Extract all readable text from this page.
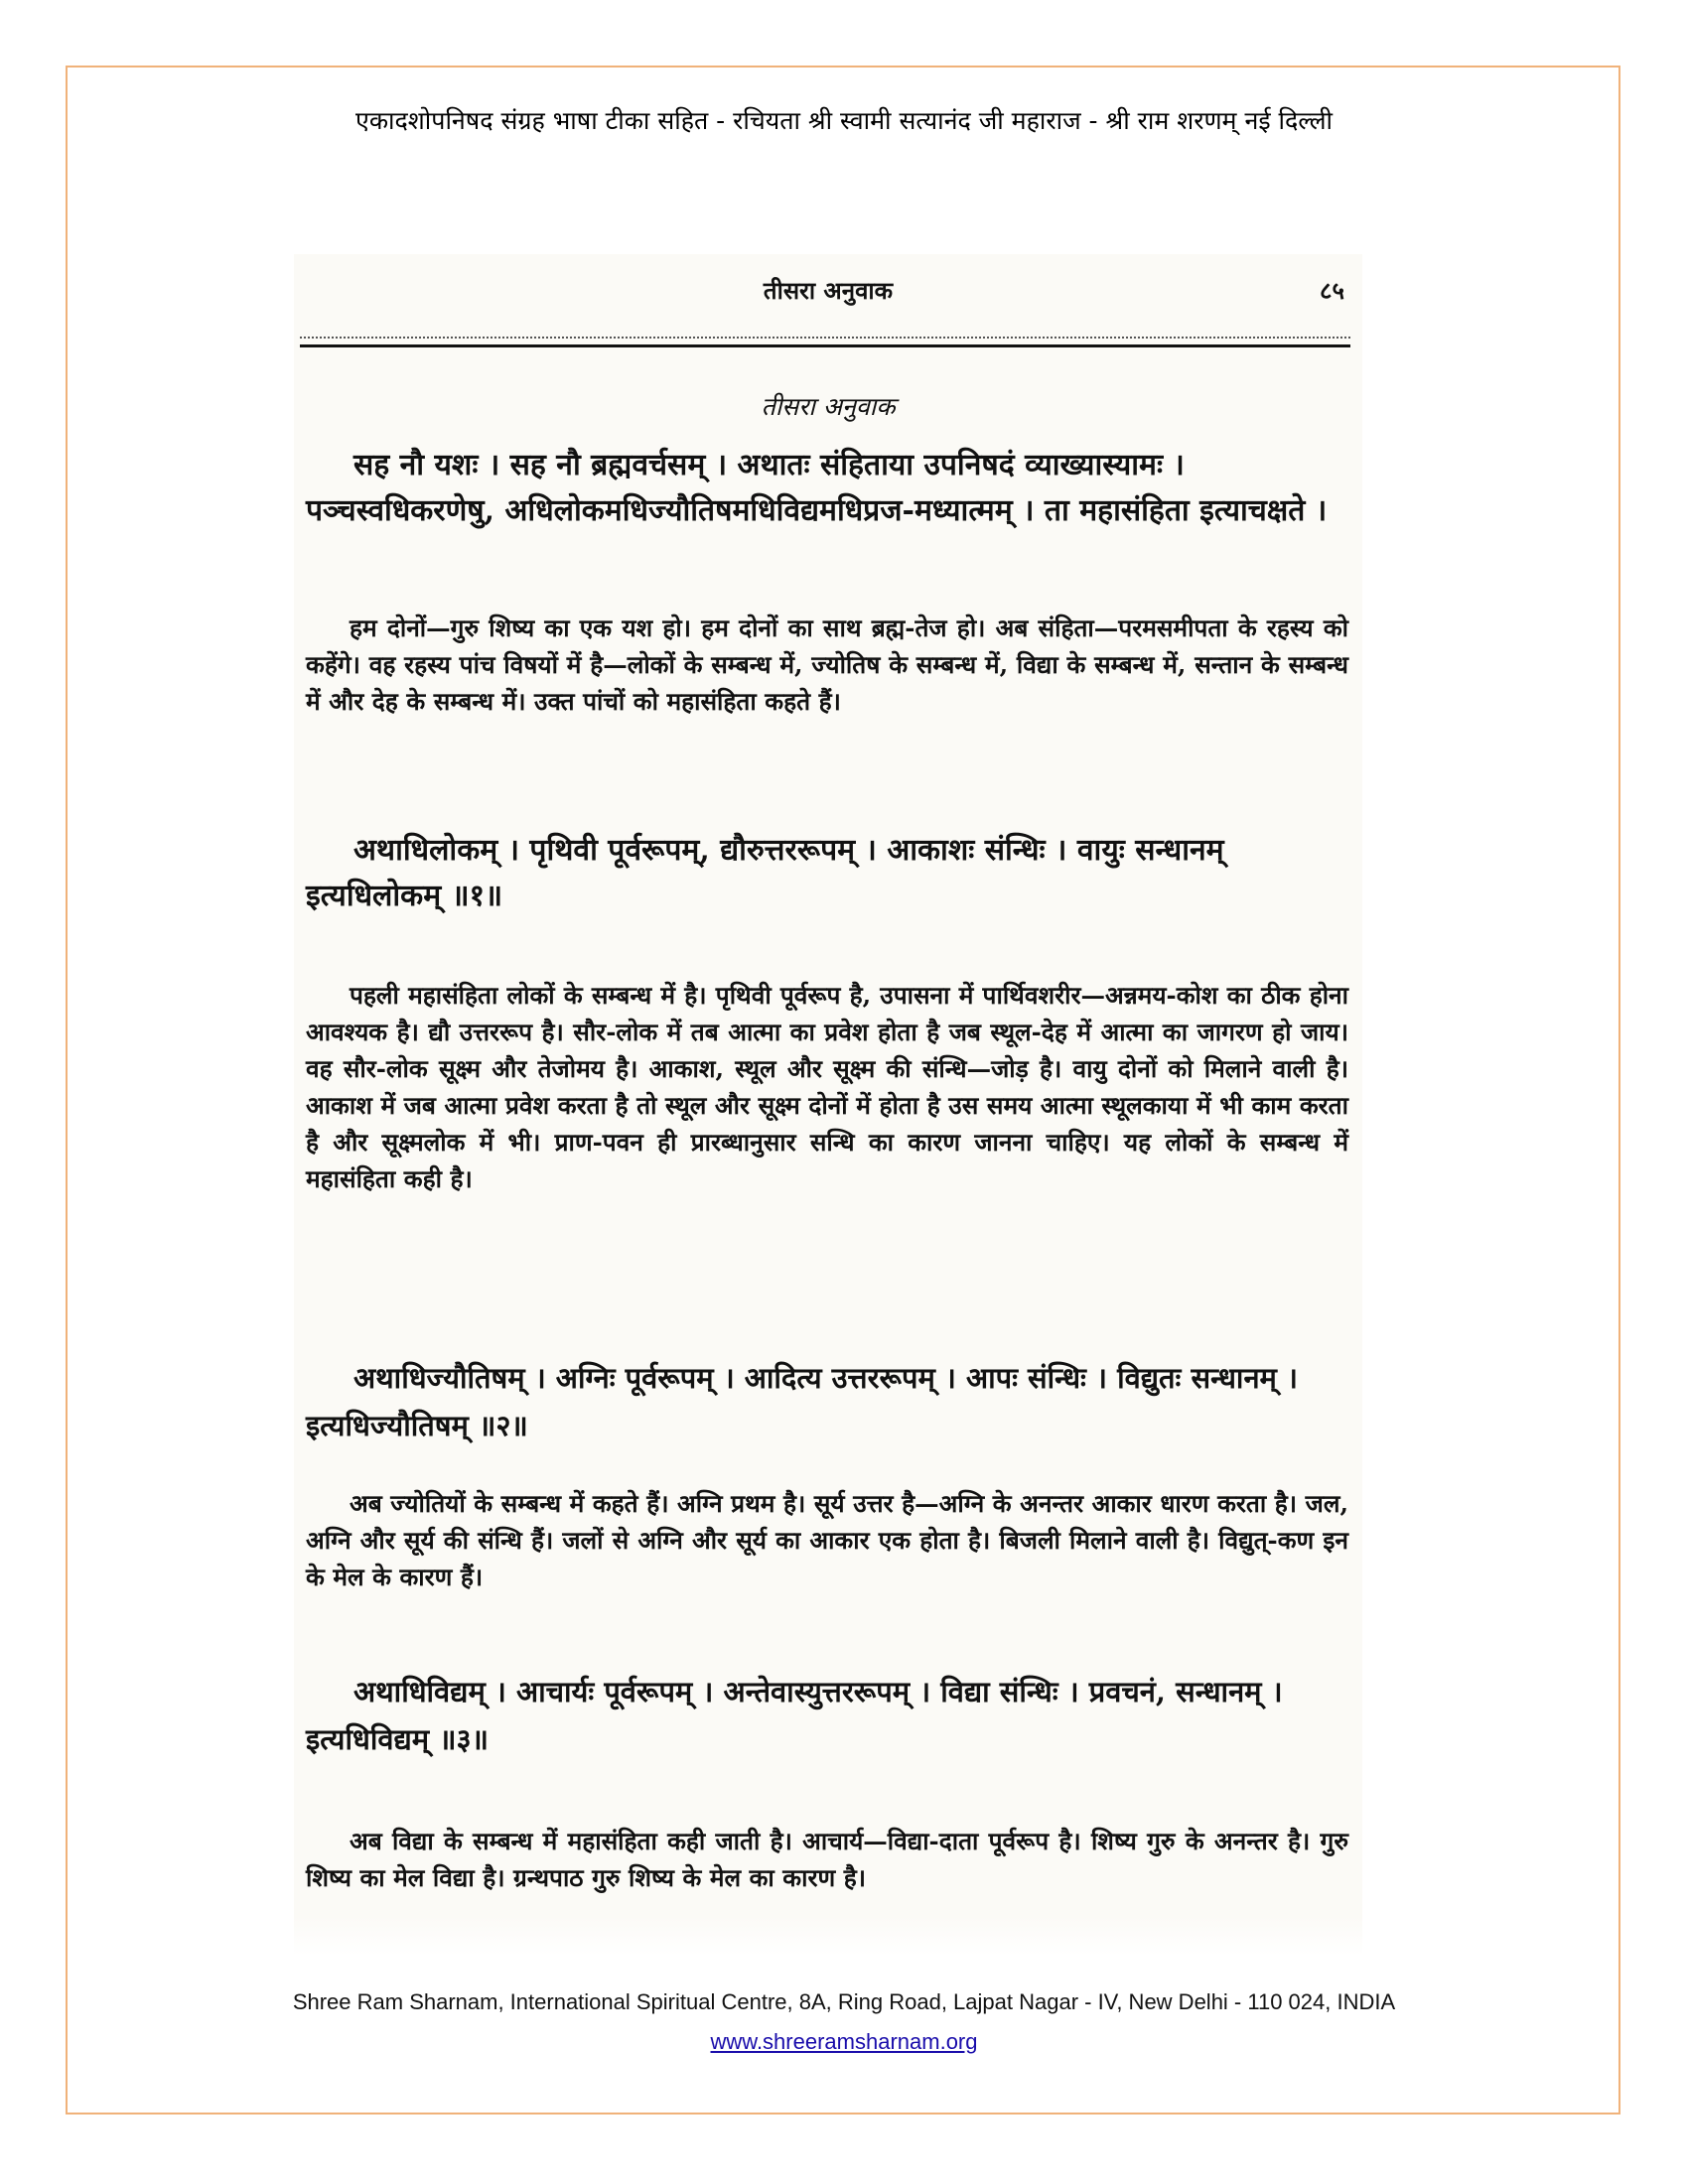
एकादशोपनिषद संग्रह भाषा टीका सहित - रचियता श्री स्वामी सत्यानंद जी महाराज - श्री राम शरणम् नई दिल्ली
तीसरा अनुवाक	८५
तीसरा अनुवाक
सह नौ यशः । सह नौ ब्रह्मवर्चसम् । अथातः संहिताया उपनिषदं व्याख्यास्यामः । पञ्चस्वधिकरणेषु, अधिलोकमधिज्यौतिषमधिविद्यमधिप्रज-मध्यात्मम् । ता महासंहिता इत्याचक्षते ।
हम दोनों—गुरु शिष्य का एक यश हो। हम दोनों का साथ ब्रह्म-तेज हो। अब संहिता—परमसमीपता के रहस्य को कहेंगे। वह रहस्य पांच विषयों में है—लोकों के सम्बन्ध में, ज्योतिष के सम्बन्ध में, विद्या के सम्बन्ध में, सन्तान के सम्बन्ध में और देह के सम्बन्ध में। उक्त पांचों को महासंहिता कहते हैं।
अथाधिलोकम् । पृथिवी पूर्वरूपम्, द्यौरुत्तररूपम् । आकाशः संन्धिः । वायुः सन्धानम् इत्यधिलोकम् ॥१॥
पहली महासंहिता लोकों के सम्बन्ध में है। पृथिवी पूर्वरूप है, उपासना में पार्थिवशरीर—अन्नमय-कोश का ठीक होना आवश्यक है। द्यौ उत्तररूप है। सौर-लोक में तब आत्मा का प्रवेश होता है जब स्थूल-देह में आत्मा का जागरण हो जाय। वह सौर-लोक सूक्ष्म और तेजोमय है। आकाश, स्थूल और सूक्ष्म की संन्धि—जोड़ है। वायु दोनों को मिलाने वाली है। आकाश में जब आत्मा प्रवेश करता है तो स्थूल और सूक्ष्म दोनों में होता है उस समय आत्मा स्थूलकाया में भी काम करता है और सूक्ष्मलोक में भी। प्राण-पवन ही प्रारब्धानुसार सन्धि का कारण जानना चाहिए। यह लोकों के सम्बन्ध में महासंहिता कही है।
अथाधिज्यौतिषम् । अग्निः पूर्वरूपम् । आदित्य उत्तररूपम् । आपः संन्धिः । विद्युतः सन्धानम् । इत्यधिज्यौतिषम् ॥२॥
अब ज्योतियों के सम्बन्ध में कहते हैं। अग्नि प्रथम है। सूर्य उत्तर है—अग्नि के अनन्तर आकार धारण करता है। जल, अग्नि और सूर्य की संन्धि हैं। जलों से अग्नि और सूर्य का आकार एक होता है। बिजली मिलाने वाली है। विद्युत्-कण इन के मेल के कारण हैं।
अथाधिविद्यम् । आचार्यः पूर्वरूपम् । अन्तेवास्युत्तररूपम् । विद्या संन्धिः । प्रवचनं, सन्धानम् । इत्यधिविद्यम् ॥३॥
अब विद्या के सम्बन्ध में महासंहिता कही जाती है। आचार्य—विद्या-दाता पूर्वरूप है। शिष्य गुरु के अनन्तर है। गुरु शिष्य का मेल विद्या है। ग्रन्थपाठ गुरु शिष्य के मेल का कारण है।
Shree Ram Sharnam, International Spiritual Centre, 8A, Ring Road, Lajpat Nagar - IV, New Delhi - 110 024, INDIA
www.shreeramsharnam.org
